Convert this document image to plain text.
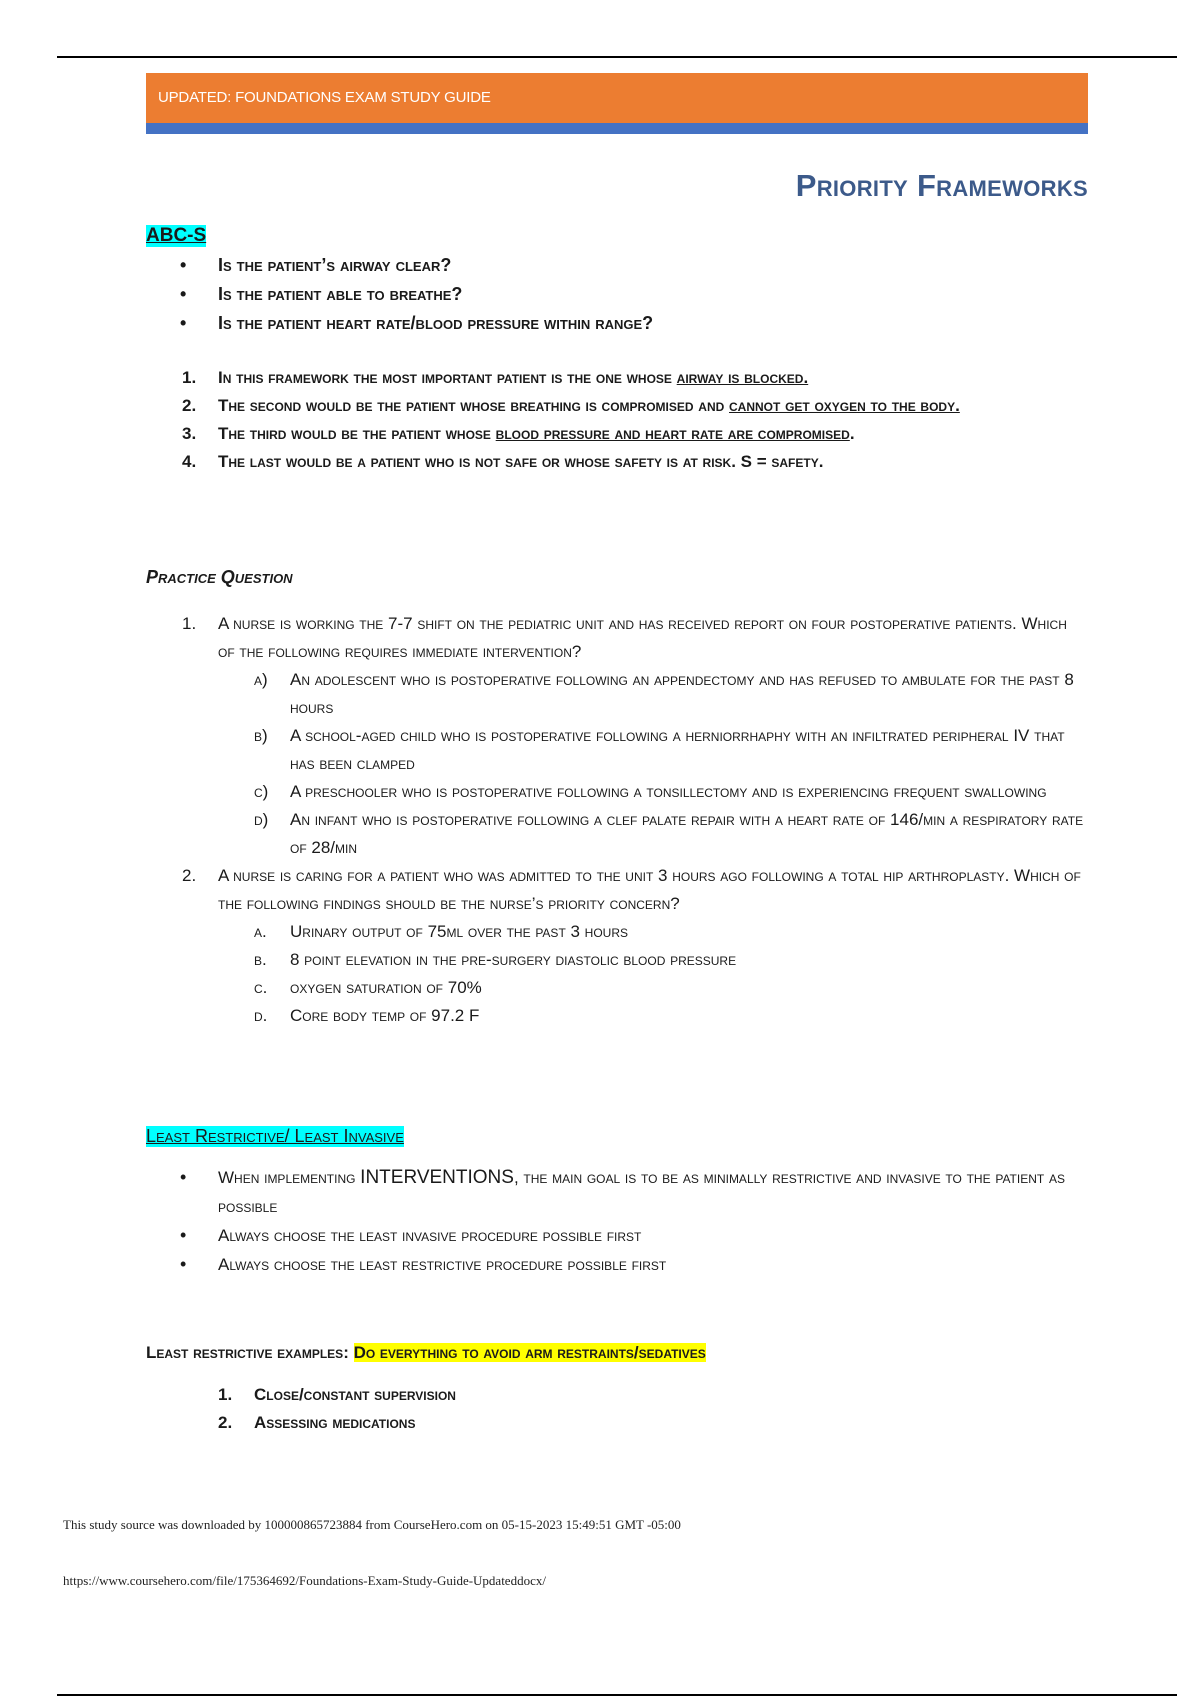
UPDATED: FOUNDATIONS EXAM STUDY GUIDE
Priority Frameworks
ABC-S
• Is the patient’s airway clear?
• Is the patient able to breathe?
• Is the patient heart rate/blood pressure within range?
1. In this framework the most important patient is the one whose airway is blocked.
2. The second would be the patient whose breathing is compromised and cannot get oxygen to the body.
3. The third would be the patient whose blood pressure and heart rate are compromised.
4. The last would be a patient who is not safe or whose safety is at risk. S = safety.
Practice Question
1. A nurse is working the 7-7 shift on the pediatric unit and has received report on four postoperative patients. Which of the following requires immediate intervention?
a) An adolescent who is postoperative following an appendectomy and has refused to ambulate for the past 8 hours
b) A school-aged child who is postoperative following a herniorrhaphy with an infiltrated peripheral IV that has been clamped
c) A preschooler who is postoperative following a tonsillectomy and is experiencing frequent swallowing
d) An infant who is postoperative following a clef palate repair with a heart rate of 146/min a respiratory rate of 28/min
2. A nurse is caring for a patient who was admitted to the unit 3 hours ago following a total hip arthroplasty. Which of the following findings should be the nurse’s priority concern?
a. Urinary output of 75ml over the past 3 hours
b. 8 point elevation in the pre-surgery diastolic blood pressure
c. oxygen saturation of 70%
d. Core body temp of 97.2 F
Least Restrictive/ Least Invasive
• When implementing INTERVENTIONS, the main goal is to be as minimally restrictive and invasive to the patient as possible
• Always choose the least invasive procedure possible first
• Always choose the least restrictive procedure possible first
Least restrictive examples: Do everything to avoid arm restraints/sedatives
1. Close/constant supervision
2. Assessing medications
This study source was downloaded by 100000865723884 from CourseHero.com on 05-15-2023 15:49:51 GMT -05:00
https://www.coursehero.com/file/175364692/Foundations-Exam-Study-Guide-Updateddocx/
